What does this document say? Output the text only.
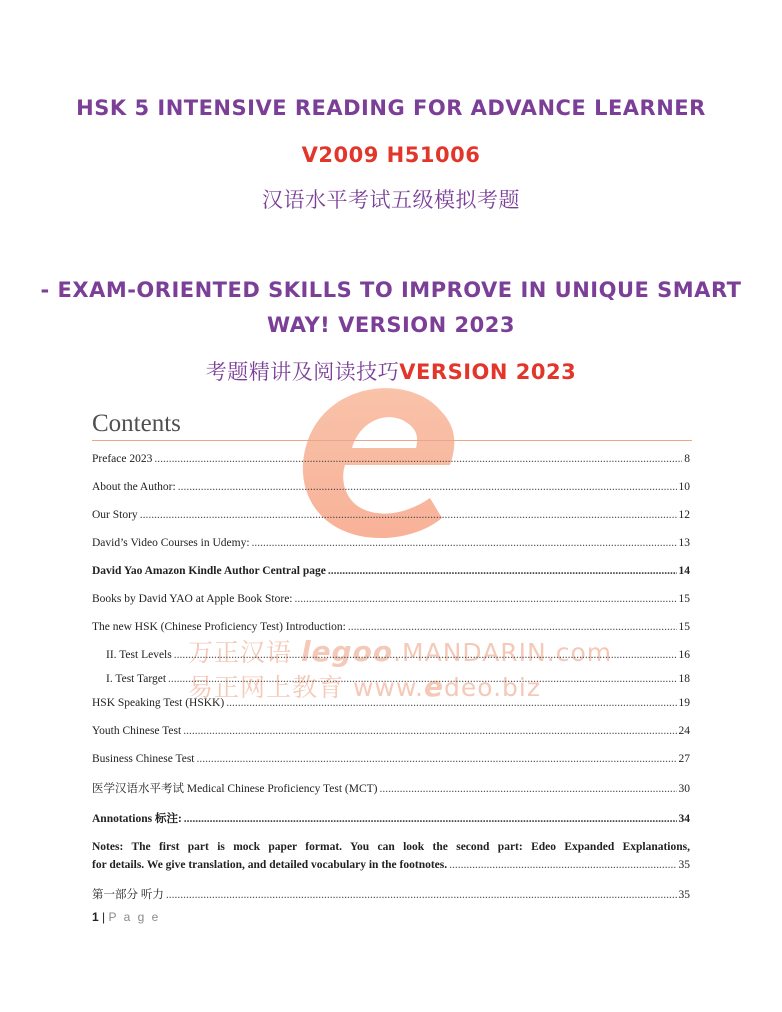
万正汉语 legoo.MANDARIN.com
易正网上教育 www.edeo.biz
HSK 5 INTENSIVE READING FOR ADVANCE LEARNER
V2009 H51006
汉语水平考试五级模拟考题
- EXAM-ORIENTED SKILLS TO IMPROVE IN UNIQUE SMART
WAY! VERSION 2023
考题精讲及阅读技巧VERSION 2023
Contents
Preface 2023 .....	8
About the Author: .....	10
Our Story .....	12
David’s Video Courses in Udemy: .....	13
David Yao Amazon Kindle Author Central page .....	14
Books by David YAO at Apple Book Store: .....	15
The new HSK (Chinese Proficiency Test) Introduction: .....	15
II. Test Levels .....	16
I. Test Target .....	18
HSK Speaking Test (HSKK) .....	19
Youth Chinese Test .....	24
Business Chinese Test .....	27
医学汉语水平考试 Medical Chinese Proficiency Test (MCT) .....	30
Annotations 标注: .....	34
Notes: The first part is mock paper format. You can look the second part: Edeo Expanded Explanations,
for details. We give translation, and detailed vocabulary in the footnotes. .....	35
第一部分 听力 .....	35
1 | P a g e
